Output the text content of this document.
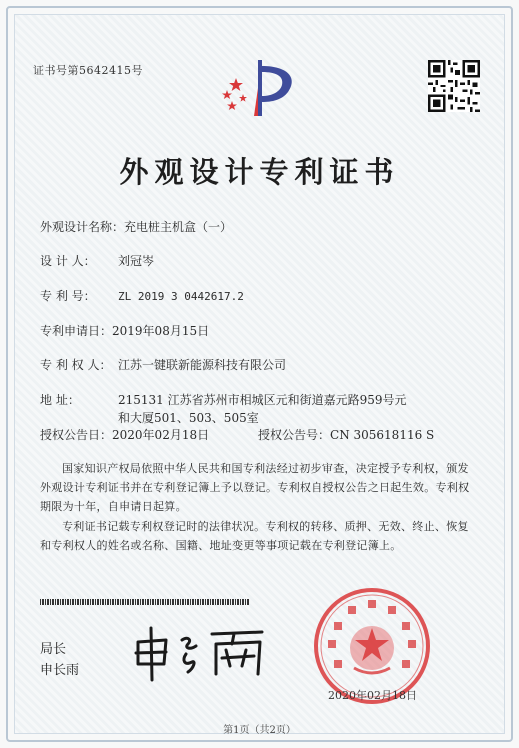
证书号第5642415号
外观设计专利证书
外观设计名称：充电桩主机盒（一）
设 计 人： 刘冠岑
专 利 号： ZL 2019 3 0442617.2
专利申请日：2019年08月15日
专 利 权 人： 江苏一键联新能源科技有限公司
地 址：	215131 江苏省苏州市相城区元和街道嘉元路959号元和大厦501、503、505室
授权公告日：2020年02月18日	授权公告号：CN 305618116 S
国家知识产权局依照中华人民共和国专利法经过初步审查，决定授予专利权，颁发外观设计专利证书并在专利登记簿上予以登记。专利权自授权公告之日起生效。专利权期限为十年，自申请日起算。
专利证书记载专利权登记时的法律状况。专利权的转移、质押、无效、终止、恢复和专利权人的姓名或名称、国籍、地址变更等事项记载在专利登记簿上。
局长
申长雨
2020年02月18日
第1页（共2页）
